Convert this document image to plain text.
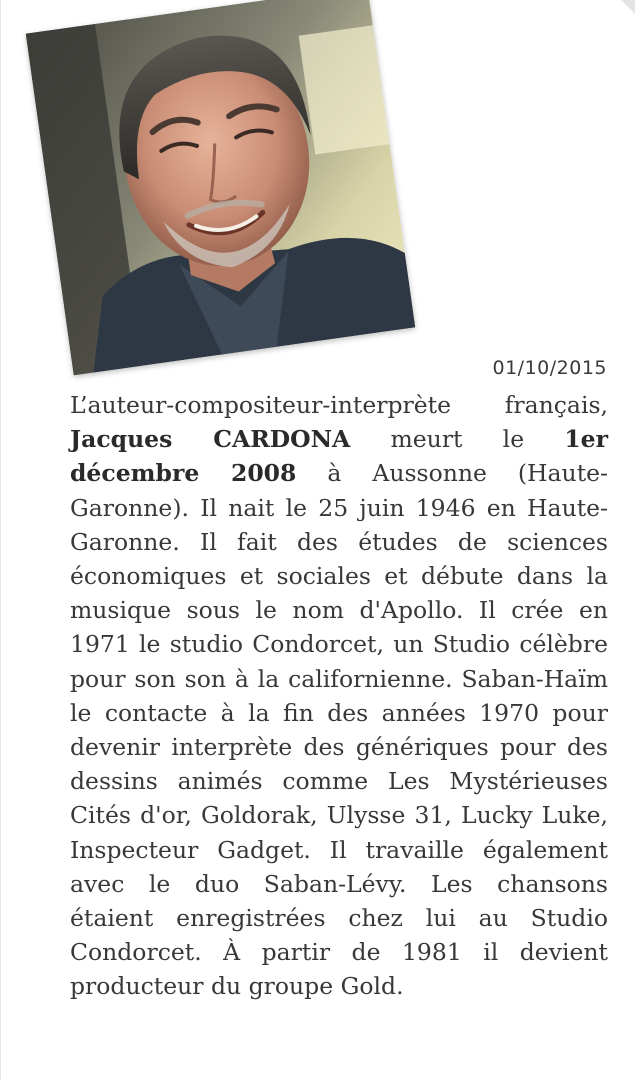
01/10/2015
L’auteur-compositeur-interprète français, Jacques CARDONA meurt le 1er décembre 2008 à Aussonne (Haute-Garonne). Il nait le 25 juin 1946 en Haute-Garonne. Il fait des études de sciences économiques et sociales et débute dans la musique sous le nom d'Apollo. Il crée en 1971 le studio Condorcet, un Studio célèbre pour son son à la californienne. Saban-Haïm le contacte à la fin des années 1970 pour devenir interprète des génériques pour des dessins animés comme Les Mystérieuses Cités d'or, Goldorak, Ulysse 31, Lucky Luke, Inspecteur Gadget. Il travaille également avec le duo Saban-Lévy. Les chansons étaient enregistrées chez lui au Studio Condorcet. À partir de 1981 il devient producteur du groupe Gold.
